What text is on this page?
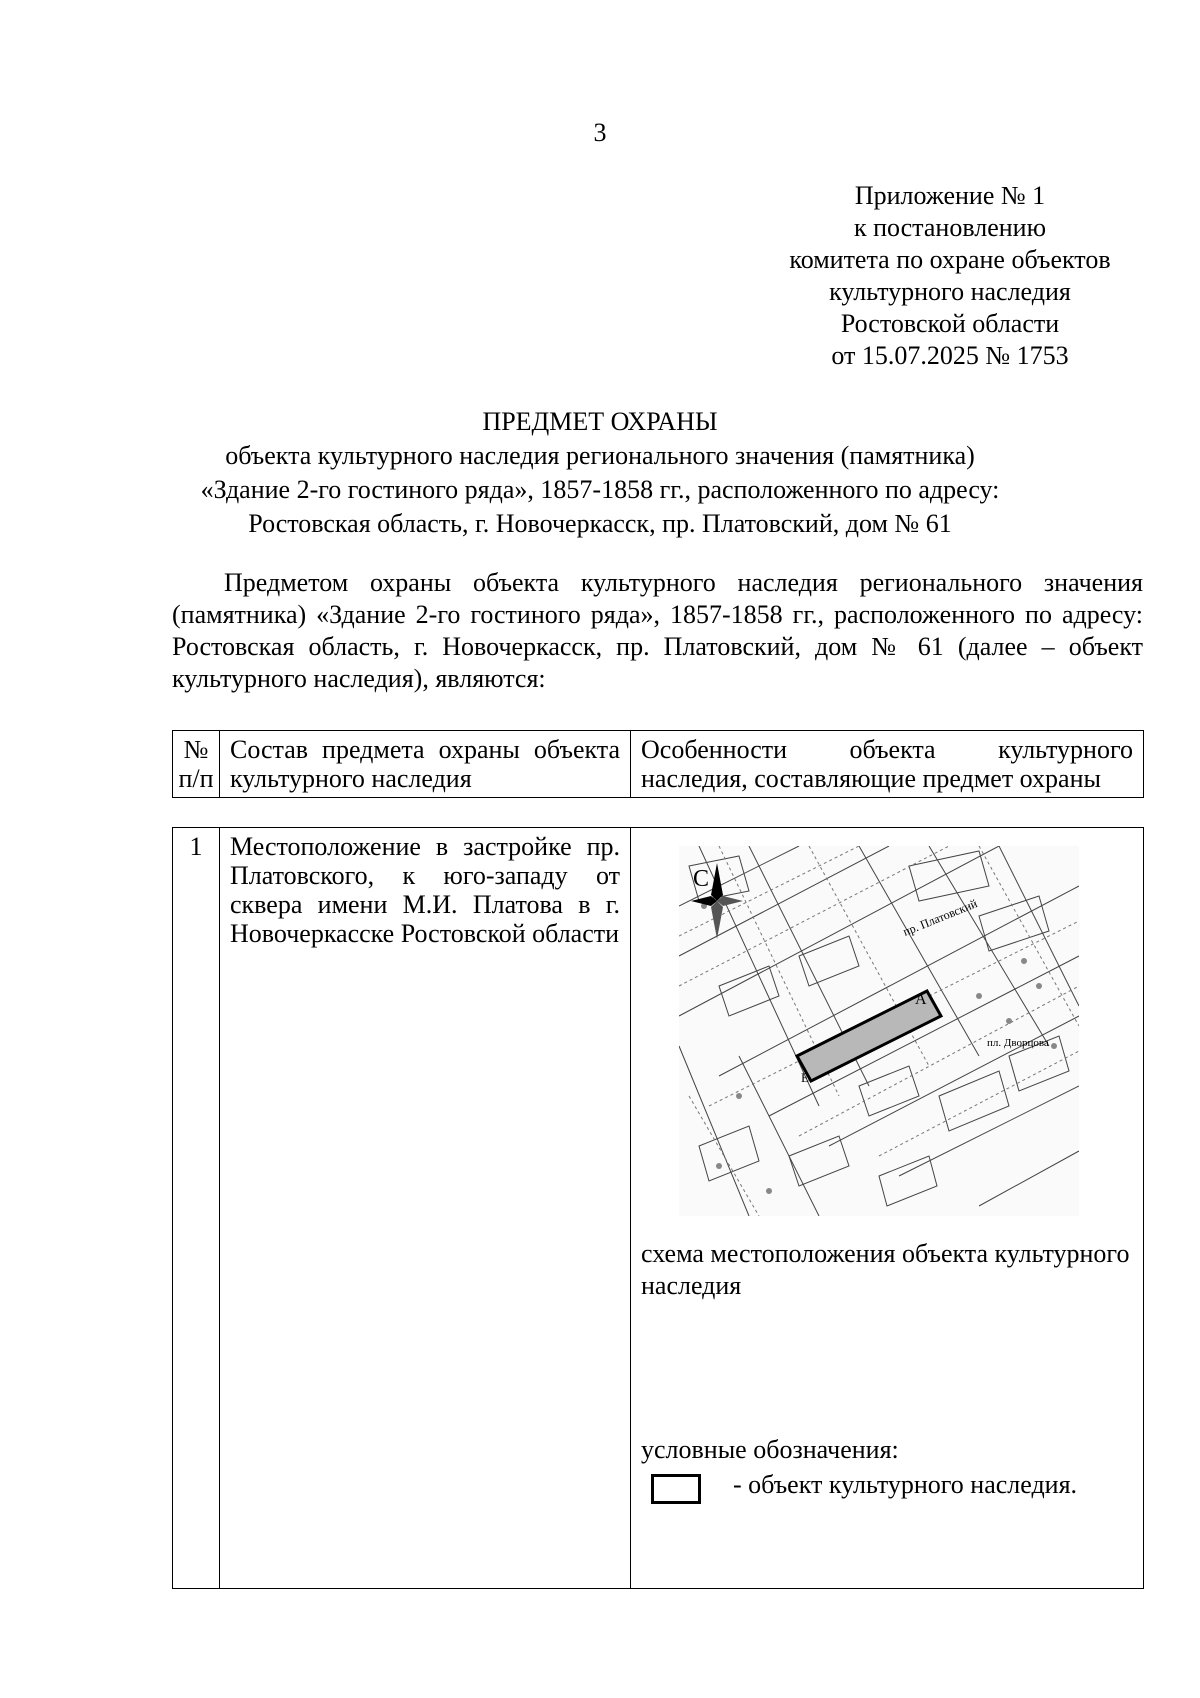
3
Приложение № 1
к постановлению
комитета по охране объектов
культурного наследия
Ростовской области
от 15.07.2025 № 1753
ПРЕДМЕТ ОХРАНЫ
объекта культурного наследия регионального значения (памятника)
«Здание 2-го гостиного ряда», 1857-1858 гг., расположенного по адресу:
Ростовская область, г. Новочеркасск, пр. Платовский, дом № 61
Предметом охраны объекта культурного наследия регионального значения (памятника) «Здание 2-го гостиного ряда», 1857-1858 гг., расположенного по адресу: Ростовская область, г. Новочеркасск, пр. Платовский, дом № 61 (далее – объект культурного наследия), являются:
№ п/п	Состав предмета охраны объекта культурного наследия	Особенности объекта культурного наследия, составляющие предмет охраны
1	Местоположение в застройке пр. Платовского, к юго-западу от сквера имени М.И. Платова в г. Новочеркасске Ростовской области	
С
пр. Платовский
пл. Дворцова
А
Е
схема местоположения объекта культурного наследия
условные обозначения:
- объект культурного наследия.
